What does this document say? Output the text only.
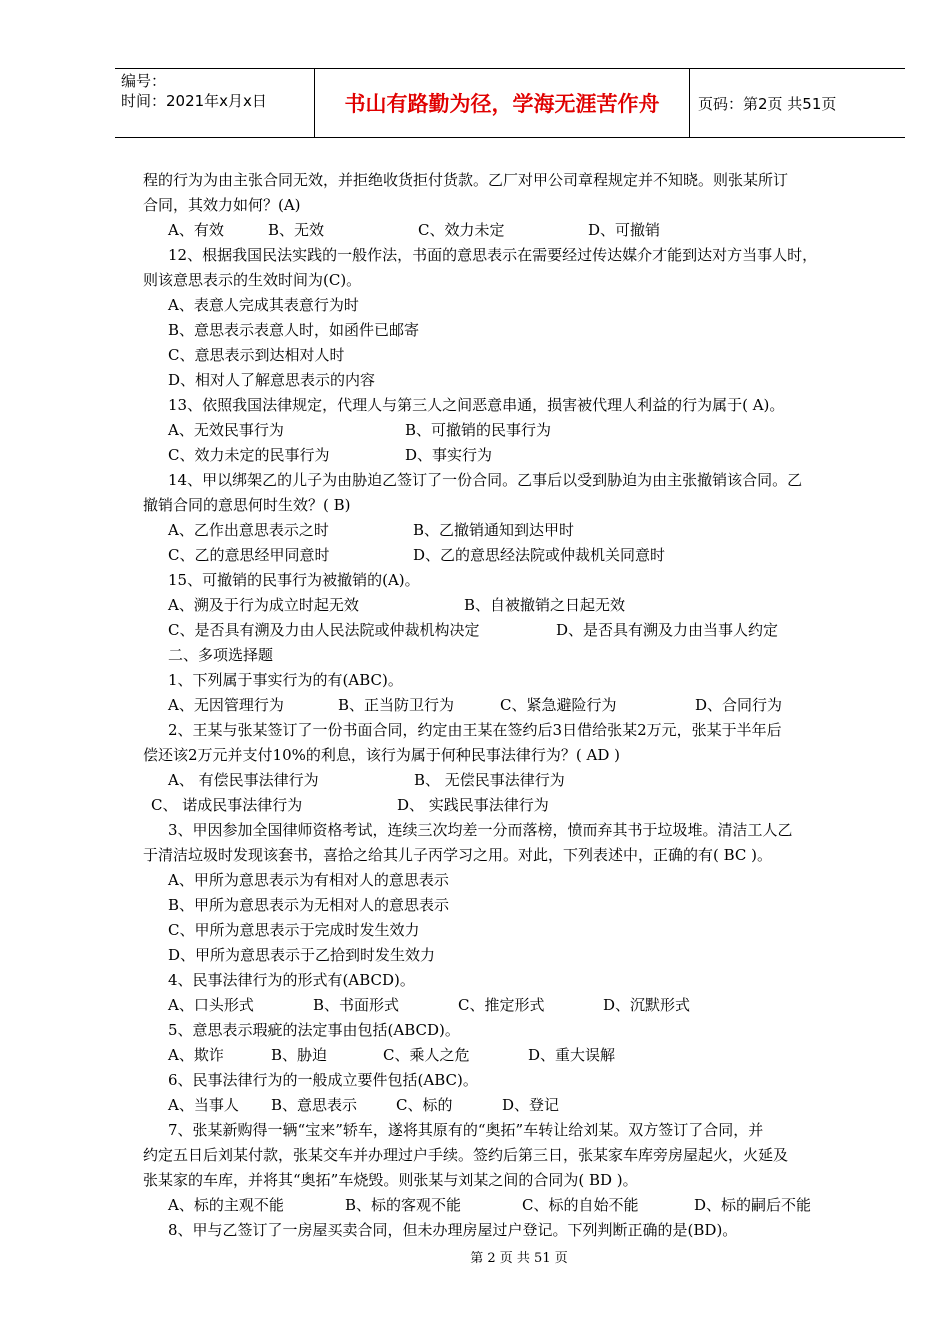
编号：
时间：2021年x月x日	书山有路勤为径，学海无涯苦作舟	页码：第2页 共51页
程的行为为由主张合同无效，并拒绝收货拒付货款。乙厂对甲公司章程规定并不知晓。则张某所订
合同，其效力如何？(A)
A、有效	B、无效	C、效力未定	D、可撤销
12、根据我国民法实践的一般作法，书面的意思表示在需要经过传达媒介才能到达对方当事人时，
则该意思表示的生效时间为(C)。
A、表意人完成其表意行为时
B、意思表示表意人时，如函件已邮寄
C、意思表示到达相对人时
D、相对人了解意思表示的内容
13、依照我国法律规定，代理人与第三人之间恶意串通，损害被代理人利益的行为属于( A)。
A、无效民事行为	B、可撤销的民事行为
C、效力未定的民事行为	D、事实行为
14、甲以绑架乙的儿子为由胁迫乙签订了一份合同。乙事后以受到胁迫为由主张撤销该合同。乙
撤销合同的意思何时生效？( B)
A、乙作出意思表示之时	B、乙撤销通知到达甲时
C、乙的意思经甲同意时	D、乙的意思经法院或仲裁机关同意时
15、可撤销的民事行为被撤销的(A)。
A、溯及于行为成立时起无效	B、自被撤销之日起无效
C、是否具有溯及力由人民法院或仲裁机构决定	D、是否具有溯及力由当事人约定
二、多项选择题
1、下列属于事实行为的有(ABC)。
A、无因管理行为	B、正当防卫行为	C、紧急避险行为	D、合同行为
2、王某与张某签订了一份书面合同，约定由王某在签约后3日借给张某2万元，张某于半年后
偿还该2万元并支付10%的利息，该行为属于何种民事法律行为？( AD )
A、 有偿民事法律行为	B、 无偿民事法律行为
C、 诺成民事法律行为	D、 实践民事法律行为
3、甲因参加全国律师资格考试，连续三次均差一分而落榜，愤而弃其书于垃圾堆。清洁工人乙
于清洁垃圾时发现该套书，喜拾之给其儿子丙学习之用。对此，下列表述中，正确的有( BC )。
A、甲所为意思表示为有相对人的意思表示
B、甲所为意思表示为无相对人的意思表示
C、甲所为意思表示于完成时发生效力
D、甲所为意思表示于乙拾到时发生效力
4、民事法律行为的形式有(ABCD)。
A、口头形式	B、书面形式	C、推定形式	D、沉默形式
5、意思表示瑕疵的法定事由包括(ABCD)。
A、欺诈	B、胁迫	C、乘人之危	D、重大误解
6、民事法律行为的一般成立要件包括(ABC)。
A、当事人	B、意思表示	C、标的	D、登记
7、张某新购得一辆“宝来”轿车，遂将其原有的“奥拓”车转让给刘某。双方签订了合同，并
约定五日后刘某付款，张某交车并办理过户手续。签约后第三日，张某家车库旁房屋起火，火延及
张某家的车库，并将其“奥拓”车烧毁。则张某与刘某之间的合同为( BD )。
A、标的主观不能	B、标的客观不能	C、标的自始不能	D、标的嗣后不能
8、甲与乙签订了一房屋买卖合同，但未办理房屋过户登记。下列判断正确的是(BD)。
第 2 页 共 51 页
